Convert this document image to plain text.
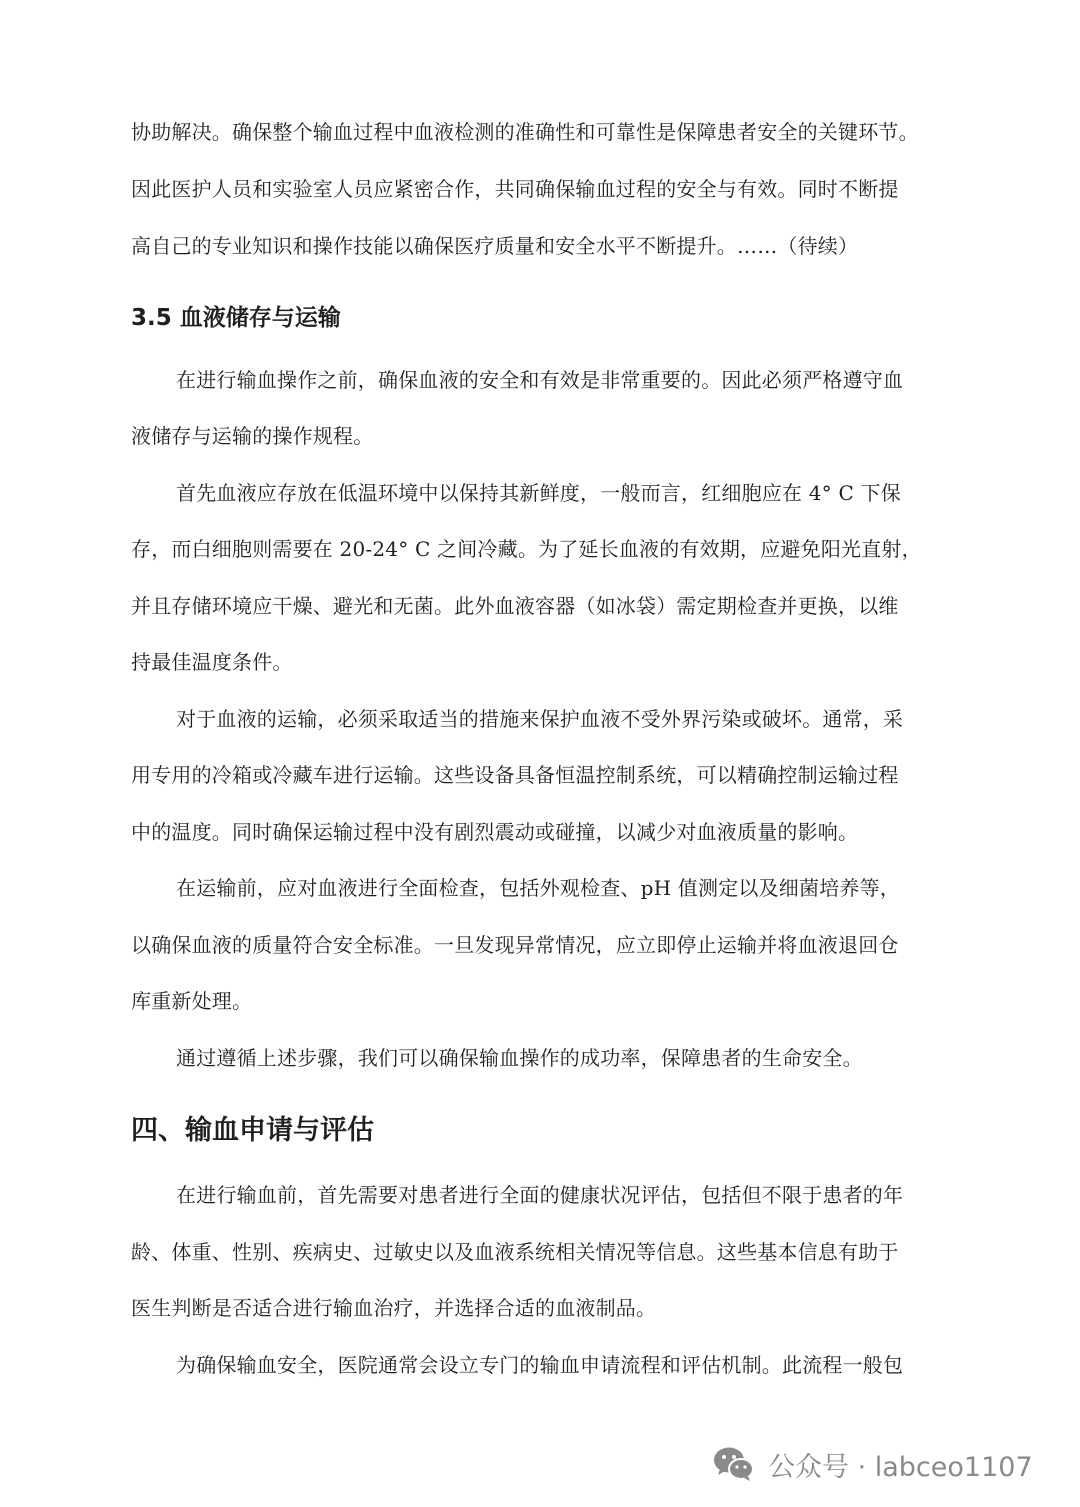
协助解决。确保整个输血过程中血液检测的准确性和可靠性是保障患者安全的关键环节。
因此医护人员和实验室人员应紧密合作，共同确保输血过程的安全与有效。同时不断提
高自己的专业知识和操作技能以确保医疗质量和安全水平不断提升。……（待续）
3.5 血液储存与运输
在进行输血操作之前，确保血液的安全和有效是非常重要的。因此必须严格遵守血
液储存与运输的操作规程。
首先血液应存放在低温环境中以保持其新鲜度，一般而言，红细胞应在 4° C 下保
存，而白细胞则需要在 20-24° C 之间冷藏。为了延长血液的有效期，应避免阳光直射，
并且存储环境应干燥、避光和无菌。此外血液容器（如冰袋）需定期检查并更换，以维
持最佳温度条件。
对于血液的运输，必须采取适当的措施来保护血液不受外界污染或破坏。通常，采
用专用的冷箱或冷藏车进行运输。这些设备具备恒温控制系统，可以精确控制运输过程
中的温度。同时确保运输过程中没有剧烈震动或碰撞，以减少对血液质量的影响。
在运输前，应对血液进行全面检查，包括外观检查、pH 值测定以及细菌培养等，
以确保血液的质量符合安全标准。一旦发现异常情况，应立即停止运输并将血液退回仓
库重新处理。
通过遵循上述步骤，我们可以确保输血操作的成功率，保障患者的生命安全。
四、输血申请与评估
在进行输血前，首先需要对患者进行全面的健康状况评估，包括但不限于患者的年
龄、体重、性别、疾病史、过敏史以及血液系统相关情况等信息。这些基本信息有助于
医生判断是否适合进行输血治疗，并选择合适的血液制品。
为确保输血安全，医院通常会设立专门的输血申请流程和评估机制。此流程一般包
公众号 · labceo1107
